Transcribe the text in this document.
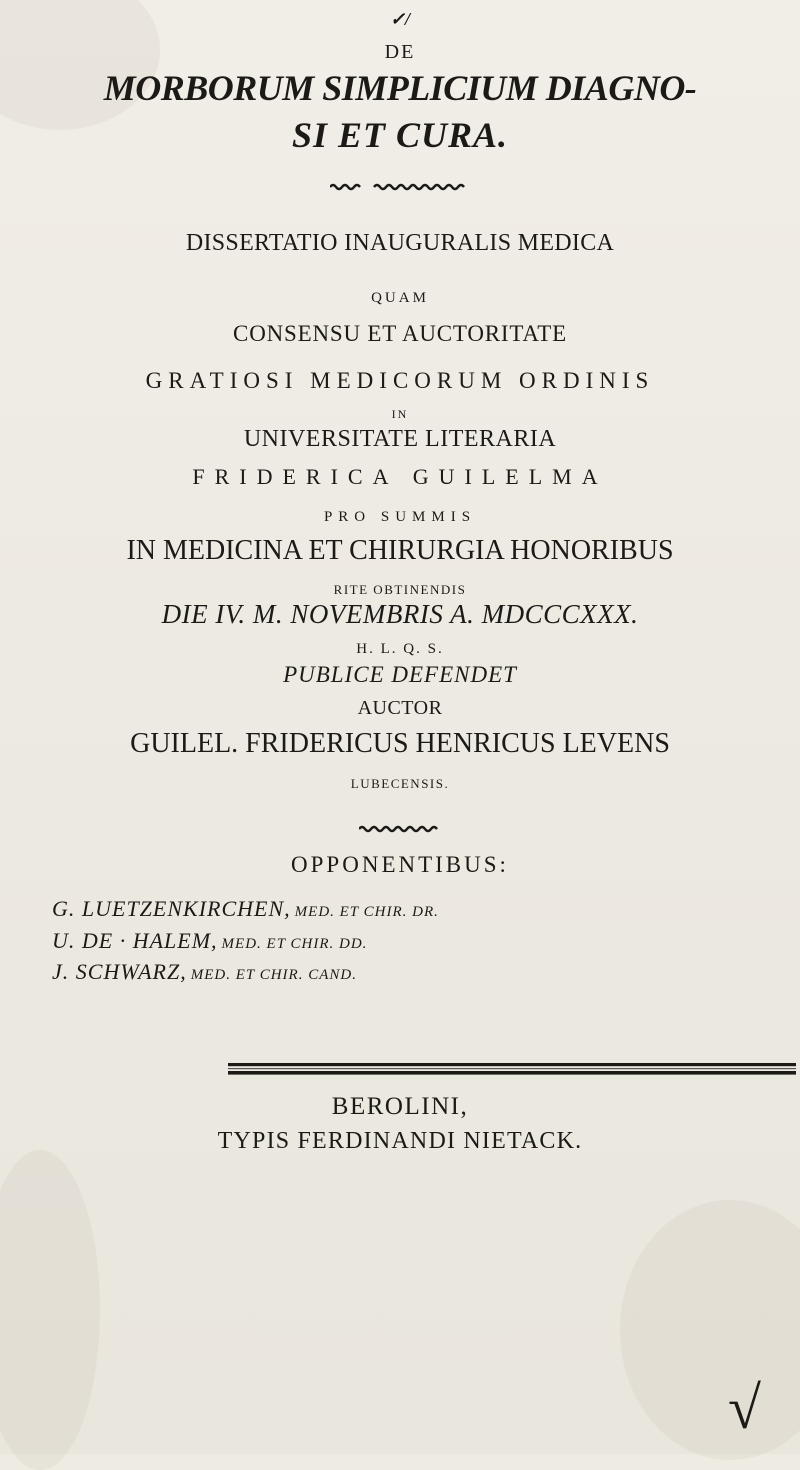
✓/
DE
MORBORUM SIMPLICIUM DIAGNO-
SI ET CURA.
DISSERTATIO INAUGURALIS MEDICA
QUAM
CONSENSU ET AUCTORITATE
GRATIOSI MEDICORUM ORDINIS
IN
UNIVERSITATE LITERARIA
FRIDERICA GUILELMA
PRO SUMMIS
IN MEDICINA ET CHIRURGIA HONORIBUS
RITE OBTINENDIS
DIE IV. M. NOVEMBRIS A. MDCCCXXX.
H. L. Q. S.
PUBLICE DEFENDET
AUCTOR
GUILEL. FRIDERICUS HENRICUS LEVENS
LUBECENSIS.
OPPONENTIBUS:
G. LUETZENKIRCHEN, MED. ET CHIR. DR.
U. DE · HALEM, MED. ET CHIR. DD.
J. SCHWARZ, MED. ET CHIR. CAND.
BEROLINI,
TYPIS FERDINANDI NIETACK.
√
